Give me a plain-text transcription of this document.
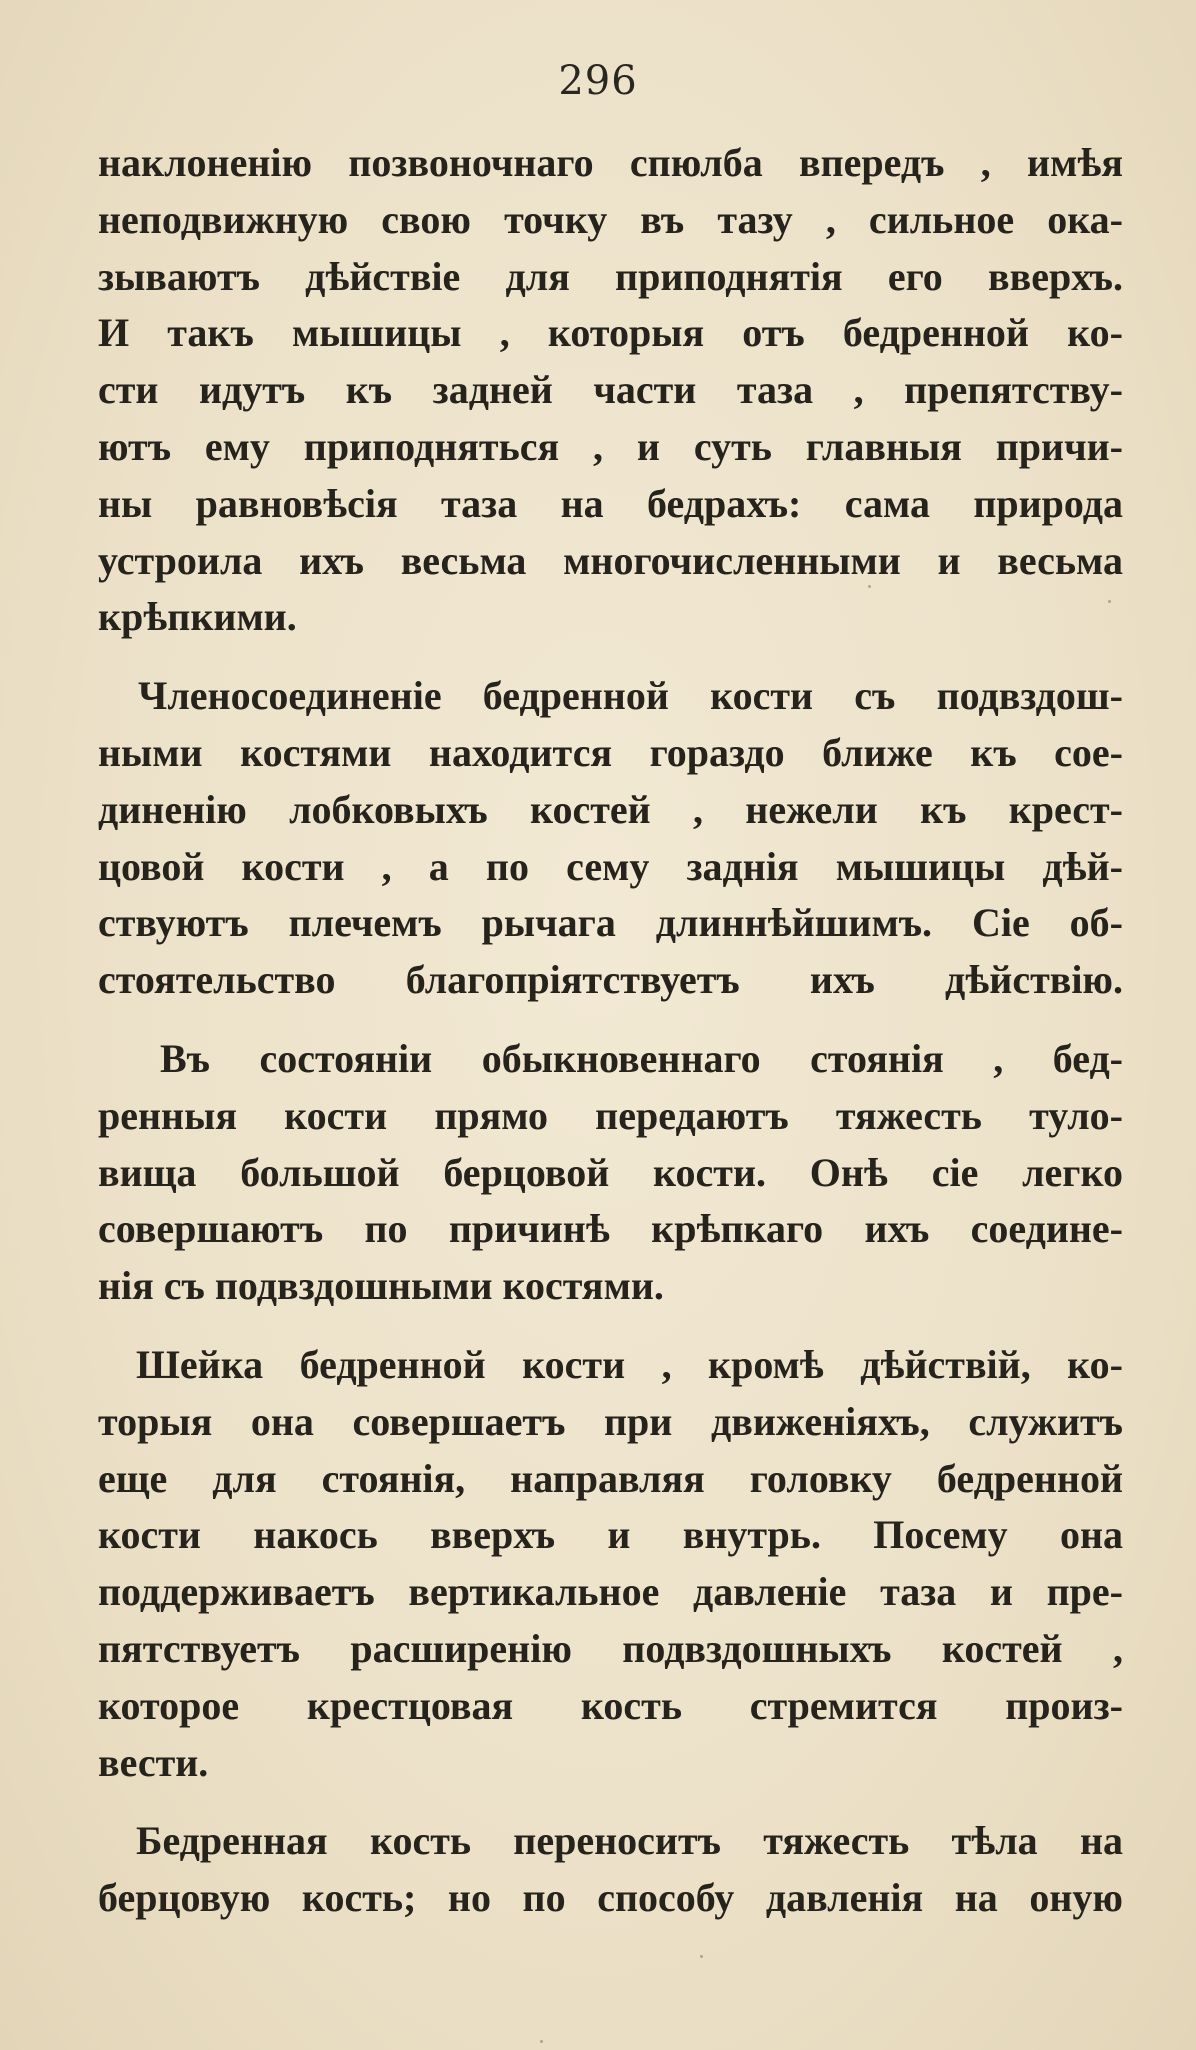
296
наклоненію позвоночнаго спюлба впередъ , имѣя
неподвижную свою точку въ тазу , сильное ока-
зываютъ дѣйствіе для приподнятія его вверхъ.
И такъ мышицы , которыя отъ бедренной ко-
сти идутъ къ задней части таза , препятству-
ютъ ему приподняться , и суть главныя причи-
ны равновѣсія таза на бедрахъ: сама природа
устроила ихъ весьма многочисленными и весьма
крѣпкими.
Членосоединеніе бедренной кости съ подвздош-
ными костями находится гораздо ближе къ сое-
диненію лобковыхъ костей , нежели къ крест-
цовой кости , а по сему заднія мышицы дѣй-
ствуютъ плечемъ рычага длиннѣйшимъ. Сіе об-
стоятельство благопріятствуетъ ихъ дѣйствію.
Въ состояніи обыкновеннаго стоянія , бед-
ренныя кости прямо передаютъ тяжесть туло-
вища большой берцовой кости. Онѣ сіе легко
совершаютъ по причинѣ крѣпкаго ихъ соедине-
нія съ подвздошными костями.
Шейка бедренной кости , кромѣ дѣйствій, ко-
торыя она совершаетъ при движеніяхъ, служитъ
еще для стоянія, направляя головку бедренной
кости накось вверхъ и внутрь. Посему она
поддерживаетъ вертикальное давленіе таза и пре-
пятствуетъ расширенію подвздошныхъ костей ,
которое крестцовая кость стремится произ-
вести.
Бедренная кость переноситъ тяжесть тѣла на
берцовую кость; но по способу давленія на оную
